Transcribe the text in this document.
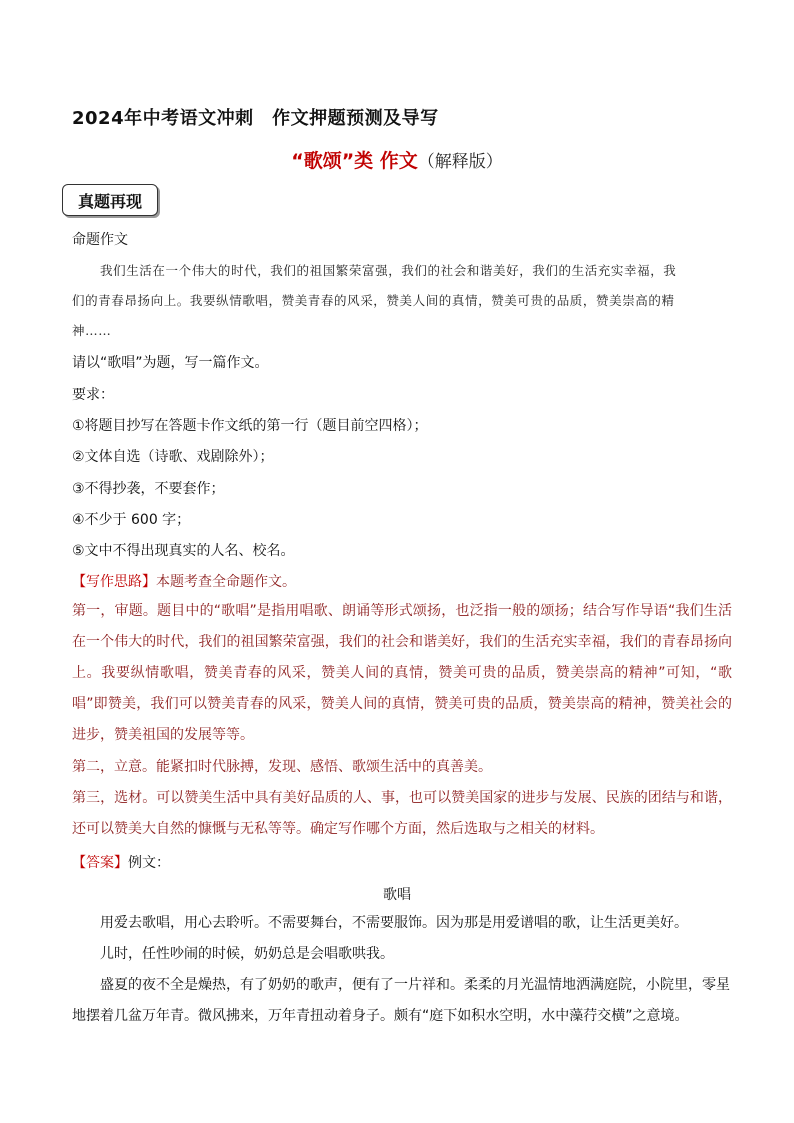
2024年中考语文冲刺　作文押题预测及导写
“歌颂”类 作文（解释版）
真题再现
命题作文
我们生活在一个伟大的时代，我们的祖国繁荣富强，我们的社会和谐美好，我们的生活充实幸福，我
们的青春昂扬向上。我要纵情歌唱，赞美青春的风采，赞美人间的真情，赞美可贵的品质，赞美崇高的精
神……
请以“歌唱”为题，写一篇作文。
要求：
①将题目抄写在答题卡作文纸的第一行（题目前空四格）；
②文体自选（诗歌、戏剧除外）；
③不得抄袭，不要套作；
④不少于 600 字；
⑤文中不得出现真实的人名、校名。
【写作思路】本题考查全命题作文。
第一，审题。题目中的“歌唱”是指用唱歌、朗诵等形式颂扬，也泛指一般的颂扬；结合写作导语“我们生活在一个伟大的时代，我们的祖国繁荣富强，我们的社会和谐美好，我们的生活充实幸福，我们的青春昂扬向上。我要纵情歌唱，赞美青春的风采，赞美人间的真情，赞美可贵的品质，赞美崇高的精神”可知，“歌唱”即赞美，我们可以赞美青春的风采，赞美人间的真情，赞美可贵的品质，赞美崇高的精神，赞美社会的进步，赞美祖国的发展等等。
第二，立意。能紧扣时代脉搏，发现、感悟、歌颂生活中的真善美。
第三，选材。可以赞美生活中具有美好品质的人、事，也可以赞美国家的进步与发展、民族的团结与和谐，还可以赞美大自然的慷慨与无私等等。确定写作哪个方面，然后选取与之相关的材料。
【答案】例文：
歌唱
用爱去歌唱，用心去聆听。不需要舞台，不需要服饰。因为那是用爱谱唱的歌，让生活更美好。
儿时，任性吵闹的时候，奶奶总是会唱歌哄我。
盛夏的夜不全是燥热，有了奶奶的歌声，便有了一片祥和。柔柔的月光温情地洒满庭院，小院里，零星地摆着几盆万年青。微风拂来，万年青扭动着身子。颇有“庭下如积水空明，水中藻荇交横”之意境。
